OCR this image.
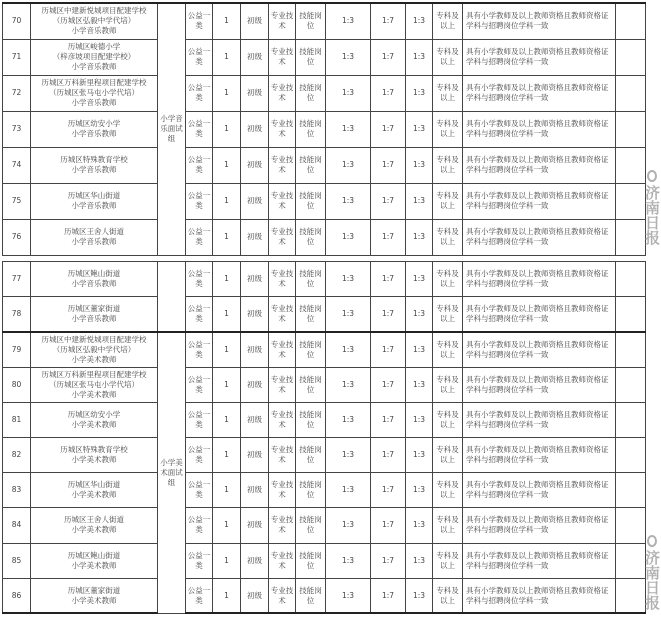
70	历城区中建新悦城项目配建学校
（历城区弘毅中学代培）
小学音乐教师	小学音乐面试组	公益一类	1	初级	专业技术	技能岗位	1:3	1:7	1:3	专科及以上	具有小学教师及以上教师资格且教师资格证学科与招聘岗位学科一致	
71	历城区峻德小学
（梓彦坡项目配建学校）
小学音乐教师		公益一类	1	初级	专业技术	技能岗位	1:3	1:7	1:3	专科及以上	具有小学教师及以上教师资格且教师资格证学科与招聘岗位学科一致	
72	历城区万科新里程项目配建学校
（历城区张马屯小学代培）
小学音乐教师		公益一类	1	初级	专业技术	技能岗位	1:3	1:7	1:3	专科及以上	具有小学教师及以上教师资格且教师资格证学科与招聘岗位学科一致	
73	历城区幼安小学
小学音乐教师		公益一类	1	初级	专业技术	技能岗位	1:3	1:7	1:3	专科及以上	具有小学教师及以上教师资格且教师资格证学科与招聘岗位学科一致	
74	历城区特殊教育学校
小学音乐教师		公益一类	1	初级	专业技术	技能岗位	1:3	1:7	1:3	专科及以上	具有小学教师及以上教师资格且教师资格证学科与招聘岗位学科一致	
75	历城区华山街道
小学音乐教师		公益一类	1	初级	专业技术	技能岗位	1:3	1:7	1:3	专科及以上	具有小学教师及以上教师资格且教师资格证学科与招聘岗位学科一致	
76	历城区王舍人街道
小学音乐教师		公益一类	1	初级	专业技术	技能岗位	1:3	1:7	1:3	专科及以上	具有小学教师及以上教师资格且教师资格证学科与招聘岗位学科一致	
77	历城区鲍山街道
小学音乐教师		公益一类	1	初级	专业技术	技能岗位	1:3	1:7	1:3	专科及以上	具有小学教师及以上教师资格且教师资格证学科与招聘岗位学科一致	
78	历城区董家街道
小学音乐教师		公益一类	1	初级	专业技术	技能岗位	1:3	1:7	1:3	专科及以上	具有小学教师及以上教师资格且教师资格证学科与招聘岗位学科一致	
79	历城区中建新悦城项目配建学校
（历城区弘毅中学代培）
小学美术教师	小学美术面试组	公益一类	1	初级	专业技术	技能岗位	1:3	1:7	1:3	专科及以上	具有小学教师及以上教师资格且教师资格证学科与招聘岗位学科一致	
80	历城区万科新里程项目配建学校
（历城区张马屯小学代培）
小学美术教师		公益一类	1	初级	专业技术	技能岗位	1:3	1:7	1:3	专科及以上	具有小学教师及以上教师资格且教师资格证学科与招聘岗位学科一致	
81	历城区幼安小学
小学美术教师		公益一类	1	初级	专业技术	技能岗位	1:3	1:7	1:3	专科及以上	具有小学教师及以上教师资格且教师资格证学科与招聘岗位学科一致	
82	历城区特殊教育学校
小学美术教师		公益一类	1	初级	专业技术	技能岗位	1:3	1:7	1:3	专科及以上	具有小学教师及以上教师资格且教师资格证学科与招聘岗位学科一致	
83	历城区华山街道
小学美术教师		公益一类	1	初级	专业技术	技能岗位	1:3	1:7	1:3	专科及以上	具有小学教师及以上教师资格且教师资格证学科与招聘岗位学科一致	
84	历城区王舍人街道
小学美术教师		公益一类	1	初级	专业技术	技能岗位	1:3	1:7	1:3	专科及以上	具有小学教师及以上教师资格且教师资格证学科与招聘岗位学科一致	
85	历城区鲍山街道
小学美术教师		公益一类	1	初级	专业技术	技能岗位	1:3	1:7	1:3	专科及以上	具有小学教师及以上教师资格且教师资格证学科与招聘岗位学科一致	
86	历城区董家街道
小学美术教师		公益一类	1	初级	专业技术	技能岗位	1:3	1:7	1:3	专科及以上	具有小学教师及以上教师资格且教师资格证学科与招聘岗位学科一致	
济南日报
济南日报
